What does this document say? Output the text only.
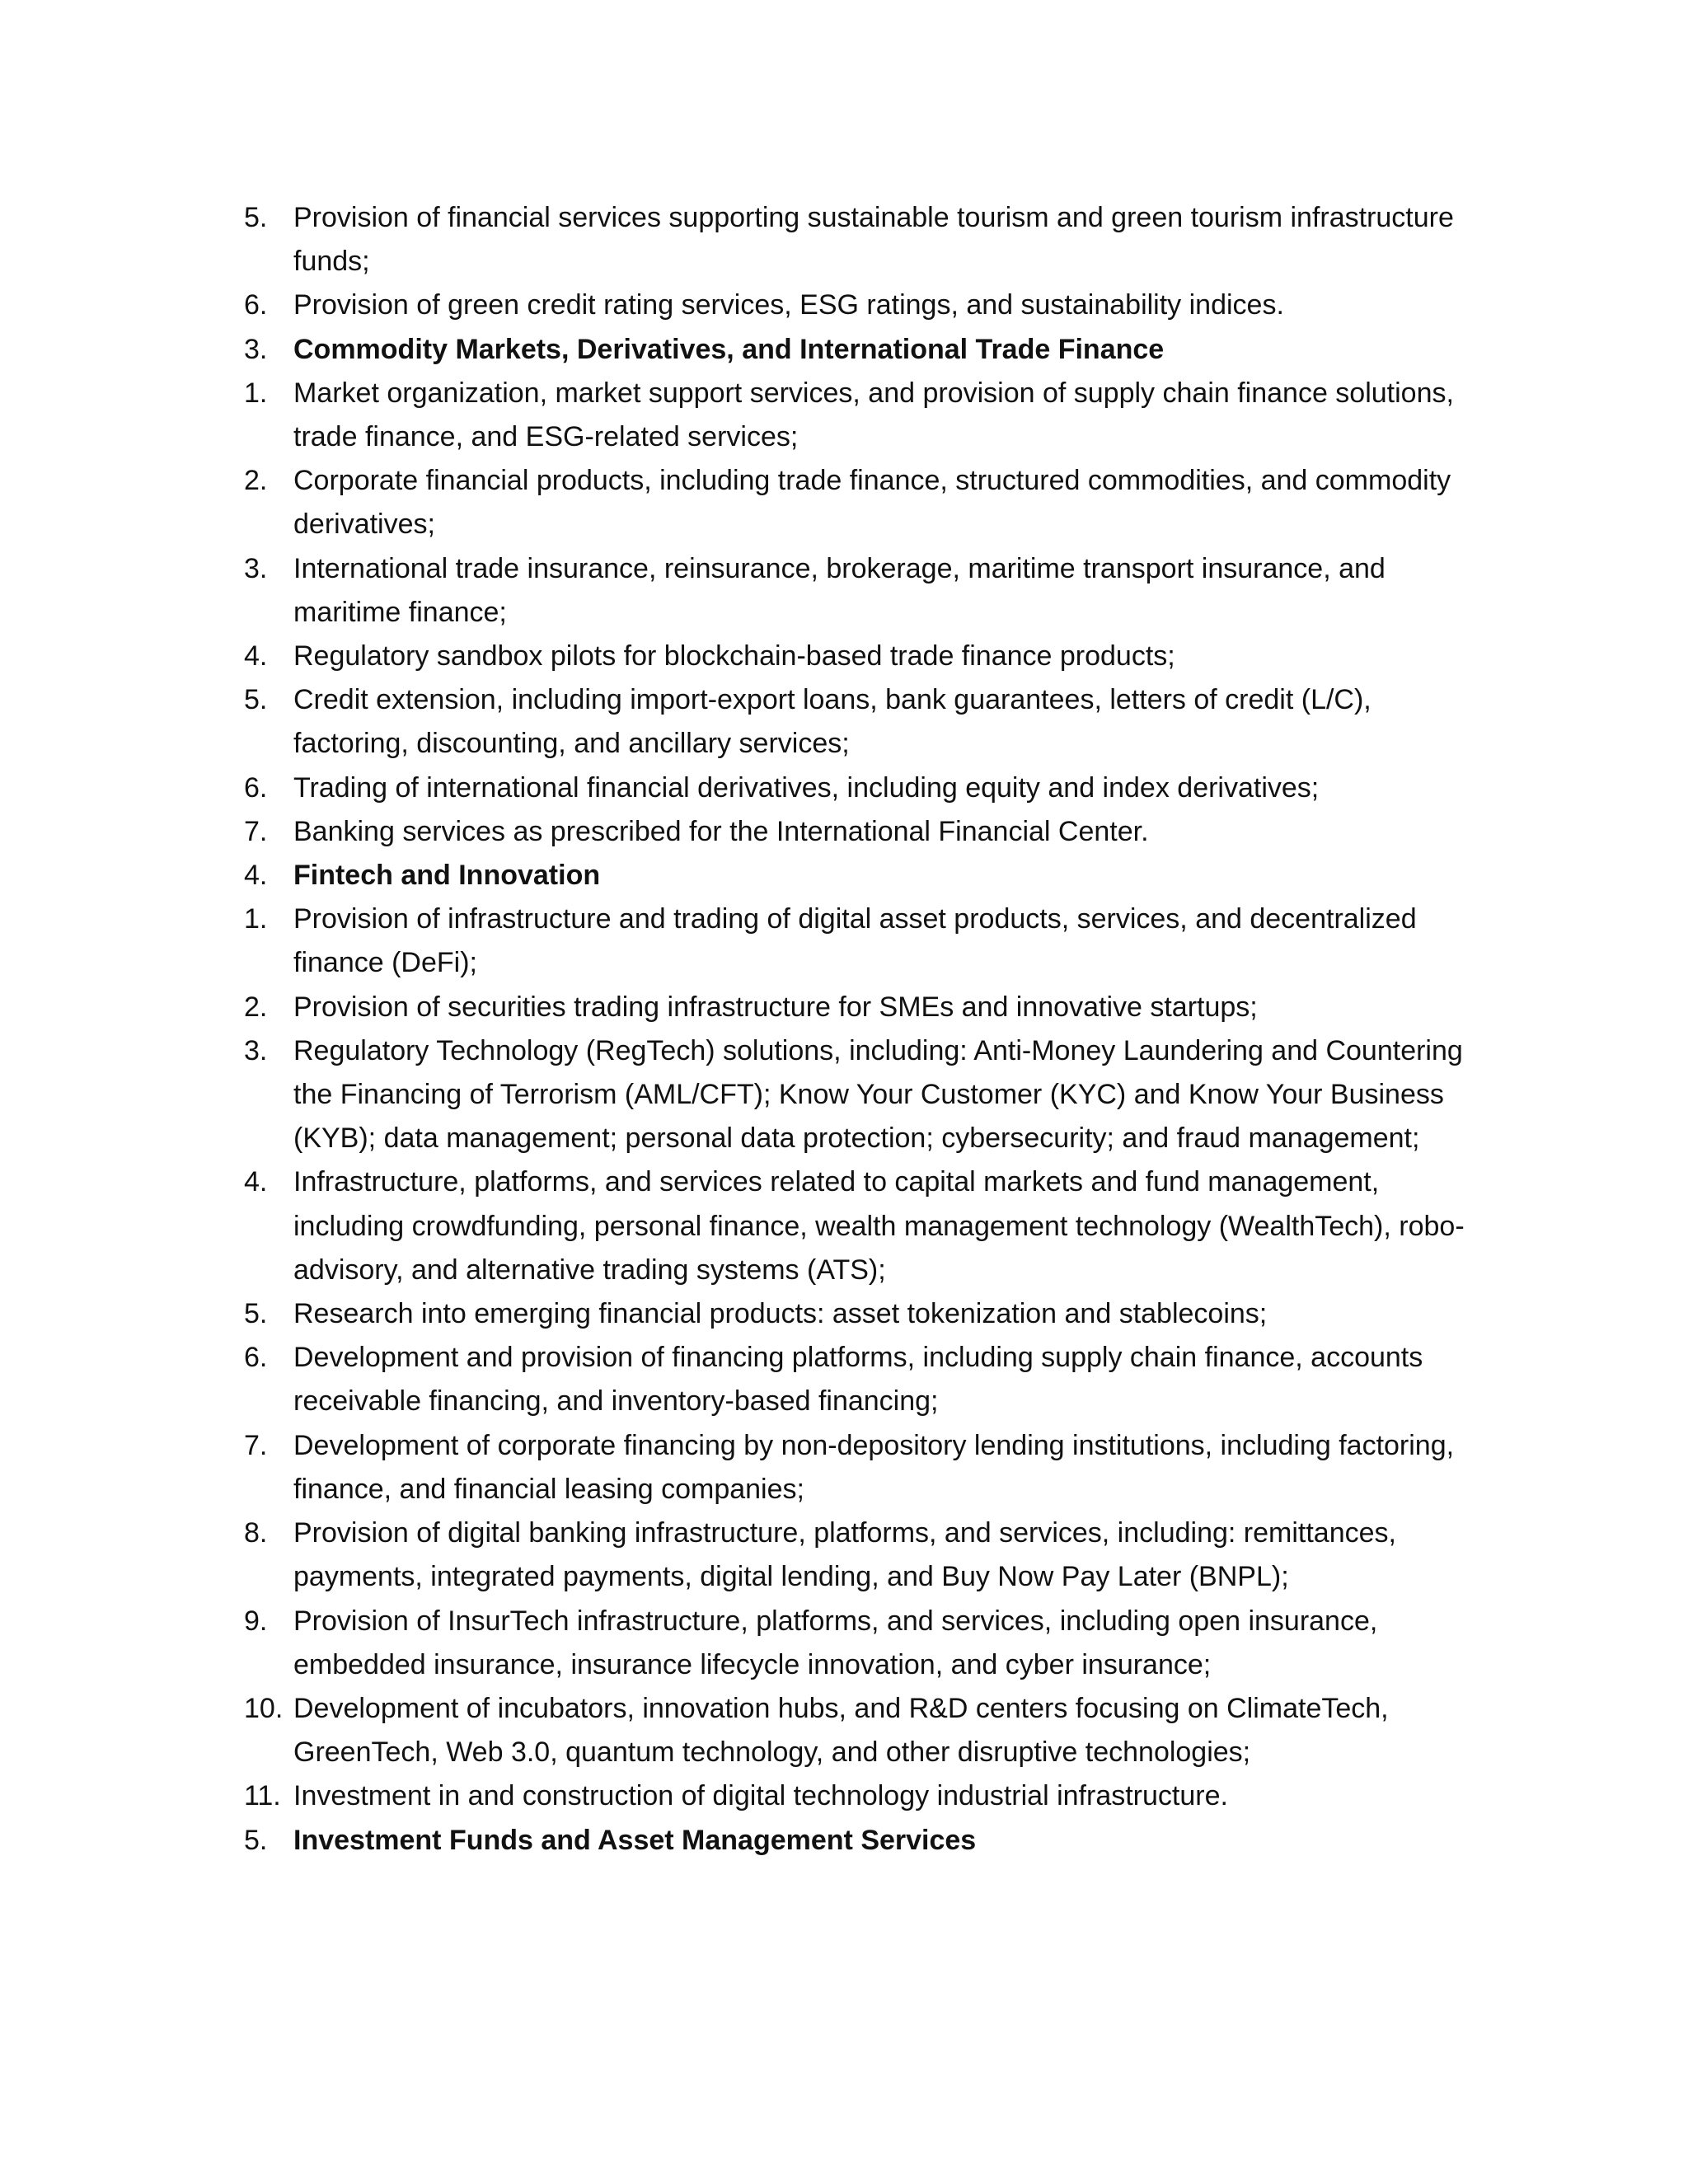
5. Provision of financial services supporting sustainable tourism and green tourism infrastructure funds;
6. Provision of green credit rating services, ESG ratings, and sustainability indices.
3. Commodity Markets, Derivatives, and International Trade Finance
1. Market organization, market support services, and provision of supply chain finance solutions, trade finance, and ESG-related services;
2. Corporate financial products, including trade finance, structured commodities, and commodity derivatives;
3. International trade insurance, reinsurance, brokerage, maritime transport insurance, and maritime finance;
4. Regulatory sandbox pilots for blockchain-based trade finance products;
5. Credit extension, including import-export loans, bank guarantees, letters of credit (L/C), factoring, discounting, and ancillary services;
6. Trading of international financial derivatives, including equity and index derivatives;
7. Banking services as prescribed for the International Financial Center.
4. Fintech and Innovation
1. Provision of infrastructure and trading of digital asset products, services, and decentralized finance (DeFi);
2. Provision of securities trading infrastructure for SMEs and innovative startups;
3. Regulatory Technology (RegTech) solutions, including: Anti-Money Laundering and Countering the Financing of Terrorism (AML/CFT); Know Your Customer (KYC) and Know Your Business (KYB); data management; personal data protection; cybersecurity; and fraud management;
4. Infrastructure, platforms, and services related to capital markets and fund management, including crowdfunding, personal finance, wealth management technology (WealthTech), robo-advisory, and alternative trading systems (ATS);
5. Research into emerging financial products: asset tokenization and stablecoins;
6. Development and provision of financing platforms, including supply chain finance, accounts receivable financing, and inventory-based financing;
7. Development of corporate financing by non-depository lending institutions, including factoring, finance, and financial leasing companies;
8. Provision of digital banking infrastructure, platforms, and services, including: remittances, payments, integrated payments, digital lending, and Buy Now Pay Later (BNPL);
9. Provision of InsurTech infrastructure, platforms, and services, including open insurance, embedded insurance, insurance lifecycle innovation, and cyber insurance;
10. Development of incubators, innovation hubs, and R&D centers focusing on ClimateTech, GreenTech, Web 3.0, quantum technology, and other disruptive technologies;
11. Investment in and construction of digital technology industrial infrastructure.
5. Investment Funds and Asset Management Services
